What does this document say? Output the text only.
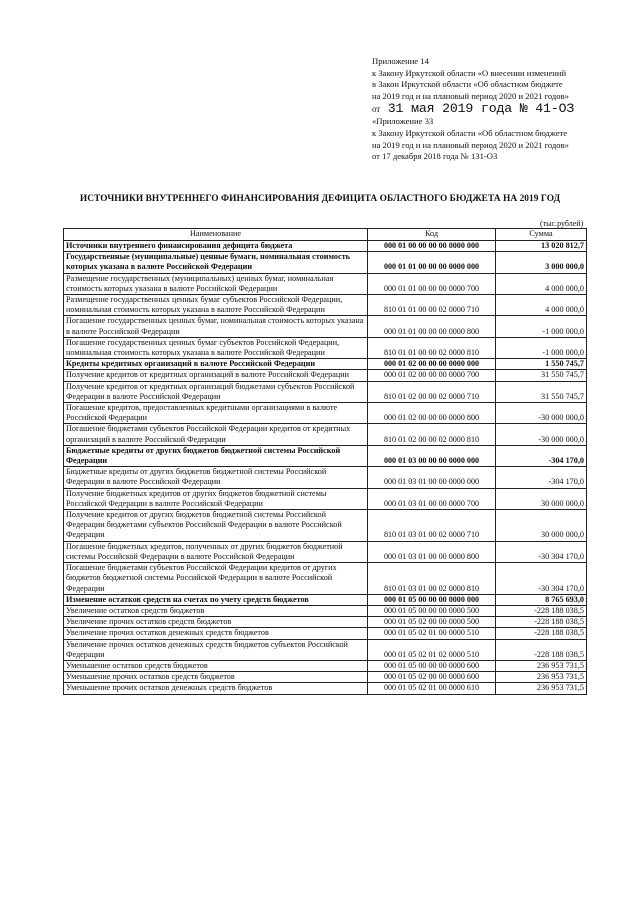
Приложение 14
к Закону Иркутской области «О внесении изменений
в Закон Иркутской области «Об областном бюджете
на 2019 год и на плановый период 2020 и 2021 годов»
от 31 мая 2019 года № 41-ОЗ
«Приложение 33
к Закону Иркутской области «Об областном бюджете
на 2019 год и на плановый период 2020 и 2021 годов»
от 17 декабря 2018 года № 131-ОЗ
ИСТОЧНИКИ ВНУТРЕННЕГО ФИНАНСИРОВАНИЯ ДЕФИЦИТА ОБЛАСТНОГО БЮДЖЕТА НА 2019 ГОД
(тыс.рублей)
Наименование	Код	Сумма
Источники внутреннего финансирования дефицита бюджета	000 01 00 00 00 00 0000 000	13 020 812,7
Государственные (муниципальные) ценные бумаги, номинальная стоимость которых указана в валюте Российской Федерации	000 01 01 00 00 00 0000 000	3 000 000,0
Размещение государственных (муниципальных) ценных бумаг, номинальная стоимость которых указана в валюте Российской Федерации	000 01 01 00 00 00 0000 700	4 000 000,0
Размещение государственных ценных бумаг субъектов Российской Федерации, номинальная стоимость которых указана в валюте Российской Федерации	810 01 01 00 00 02 0000 710	4 000 000,0
Погашение государственных ценных бумаг, номинальная стоимость которых указана в валюте Российской Федерации	000 01 01 00 00 00 0000 800	-1 000 000,0
Погашение государственных ценных бумаг субъектов Российской Федерации, номинальная стоимость которых указана в валюте Российской Федерации	810 01 01 00 00 02 0000 810	-1 000 000,0
Кредиты кредитных организаций в валюте Российской Федерации	000 01 02 00 00 00 0000 000	1 550 745,7
Получение кредитов от кредитных организаций в валюте Российской Федерации	000 01 02 00 00 00 0000 700	31 550 745,7
Получение кредитов от кредитных организаций бюджетами субъектов Российской Федерации в валюте Российской Федерации	810 01 02 00 00 02 0000 710	31 550 745,7
Погашение кредитов, предоставленных кредитными организациями в валюте Российской Федерации	000 01 02 00 00 00 0000 800	-30 000 000,0
Погашение бюджетами субъектов Российской Федерации кредитов от кредитных организаций в валюте Российской Федерации	810 01 02 00 00 02 0000 810	-30 000 000,0
Бюджетные кредиты от других бюджетов бюджетной системы Российской Федерации	000 01 03 00 00 00 0000 000	-304 170,0
Бюджетные кредиты от других бюджетов бюджетной системы Российской Федерации в валюте Российской Федерации	000 01 03 01 00 00 0000 000	-304 170,0
Получение бюджетных кредитов от других бюджетов бюджетной системы Российской Федерации в валюте Российской Федерации	000 01 03 01 00 00 0000 700	30 000 000,0
Получение кредитов от других бюджетов бюджетной системы Российской Федерации бюджетами субъектов Российской Федерации в валюте Российской Федерации	810 01 03 01 00 02 0000 710	30 000 000,0
Погашение бюджетных кредитов, полученных от других бюджетов бюджетной системы Российской Федерации в валюте Российской Федерации	000 01 03 01 00 00 0000 800	-30 304 170,0
Погашение бюджетами субъектов Российской Федерации кредитов от других бюджетов бюджетной системы Российской Федерации в валюте Российской Федерации	810 01 03 01 00 02 0000 810	-30 304 170,0
Изменение остатков средств на счетах по учету средств бюджетов	000 01 05 00 00 00 0000 000	8 765 693,0
Увеличение остатков средств бюджетов	000 01 05 00 00 00 0000 500	-228 188 038,5
Увеличение прочих остатков средств бюджетов	000 01 05 02 00 00 0000 500	-228 188 038,5
Увеличение прочих остатков денежных средств бюджетов	000 01 05 02 01 00 0000 510	-228 188 038,5
Увеличение прочих остатков денежных средств бюджетов субъектов Российской Федерации	000 01 05 02 01 02 0000 510	-228 188 038,5
Уменьшение остатков средств бюджетов	000 01 05 00 00 00 0000 600	236 953 731,5
Уменьшение прочих остатков средств бюджетов	000 01 05 02 00 00 0000 600	236 953 731,5
Уменьшение прочих остатков денежных средств бюджетов	000 01 05 02 01 00 0000 610	236 953 731,5
